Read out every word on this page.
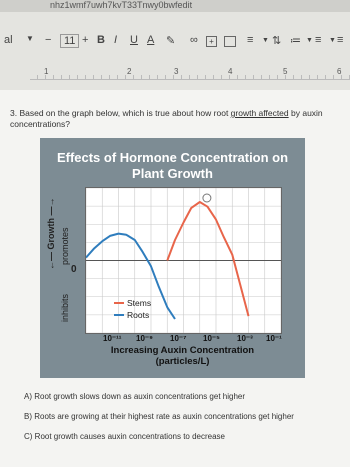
nhz1wmf7uwh7kvT33Tnwy0bwfedit
al ▼ −	11 + B I U A ✎ ∞	+	≡ ▼ ⇅ ≔ ▼ ≡ ▼ ≡
1	2	3	4	5	6
3. Based on the graph below, which is true about how root growth affected by auxin concentrations?
Effects of Hormone Concentration on Plant Growth
←— Growth —→
promotes
inhibits
0
10⁻¹¹ 10⁻⁹ 10⁻⁷ 10⁻⁵ 10⁻³ 10⁻¹
Increasing Auxin Concentration (particles/L)
Stems
Roots
A) Root growth slows down as auxin concentrations get higher
B) Roots are growing at their highest rate as auxin concentrations get higher
C) Root growth causes auxin concentrations to decrease
